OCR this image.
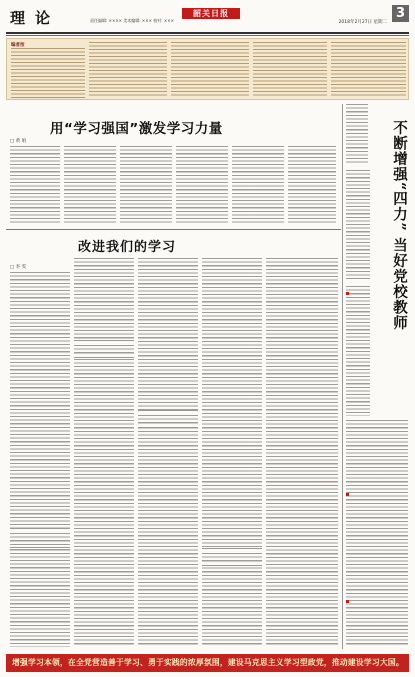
理论	责任编辑: ×××× 美术编辑: ××× 校对: ×××
韶关日报
2018年2月27日 星期二
3
编者按
用“学习强国”激发学习力量
□ 黄 娟
改进我们的学习
□ 李 雯	不断增强“四力” 当好党校教师
增强学习本领，在全党营造善于学习、勇于实践的浓厚氛围，建设马克思主义学习型政党，推动建设学习大国。
